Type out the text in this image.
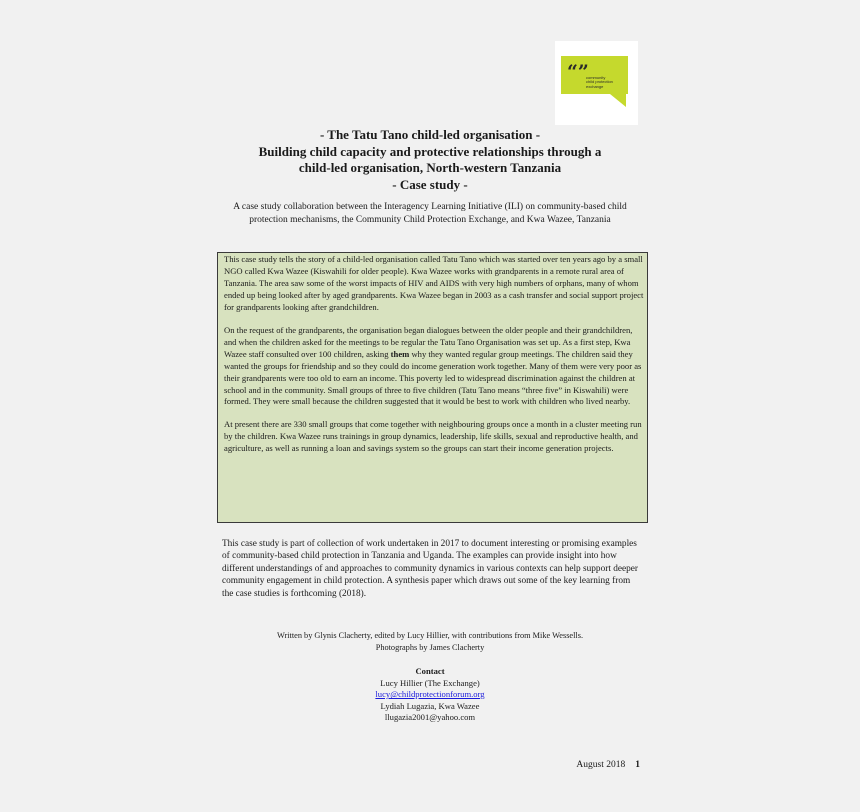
“”
community
child protection
exchange
- The Tatu Tano child-led organisation -
Building child capacity and protective relationships through a
child-led organisation, North-western Tanzania
- Case study -
A case study collaboration between the Interagency Learning Initiative (ILI) on community-based child protection mechanisms, the Community Child Protection Exchange, and Kwa Wazee, Tanzania

This case study tells the story of a child-led organisation called Tatu Tano which was started over ten years ago by a small NGO called Kwa Wazee (Kiswahili for older people). Kwa Wazee works with grandparents in a remote rural area of Tanzania. The area saw some of the worst impacts of HIV and AIDS with very high numbers of orphans, many of whom ended up being looked after by aged grandparents. Kwa Wazee began in 2003 as a cash transfer and social support project for grandparents looking after grandchildren.

On the request of the grandparents, the organisation began dialogues between the older people and their grandchildren, and when the children asked for the meetings to be regular the Tatu Tano Organisation was set up. As a first step, Kwa Wazee staff consulted over 100 children, asking them why they wanted regular group meetings. The children said they wanted the groups for friendship and so they could do income generation work together. Many of them were very poor as their grandparents were too old to earn an income. This poverty led to widespread discrimination against the children at school and in the community. Small groups of three to five children (Tatu Tano means “three five” in Kiswahili) were formed. They were small because the children suggested that it would be best to work with children who lived nearby.

At present there are 330 small groups that come together with neighbouring groups once a month in a cluster meeting run by the children. Kwa Wazee runs trainings in group dynamics, leadership, life skills, sexual and reproductive health, and agriculture, as well as running a loan and savings system so the groups can start their income generation projects.

This case study is part of collection of work undertaken in 2017 to document interesting or promising examples of community-based child protection in Tanzania and Uganda. The examples can provide insight into how different understandings of and approaches to community dynamics in various contexts can help support deeper community engagement in child protection. A synthesis paper which draws out some of the key learning from the case studies is forthcoming (2018).
Written by Glynis Clacherty, edited by Lucy Hillier, with contributions from Mike Wessells.
Photographs by James Clacherty
Contact
Lucy Hillier (The Exchange)
lucy@childprotectionforum.org
Lydiah Lugazia, Kwa Wazee
llugazia2001@yahoo.com
August 2018 1
